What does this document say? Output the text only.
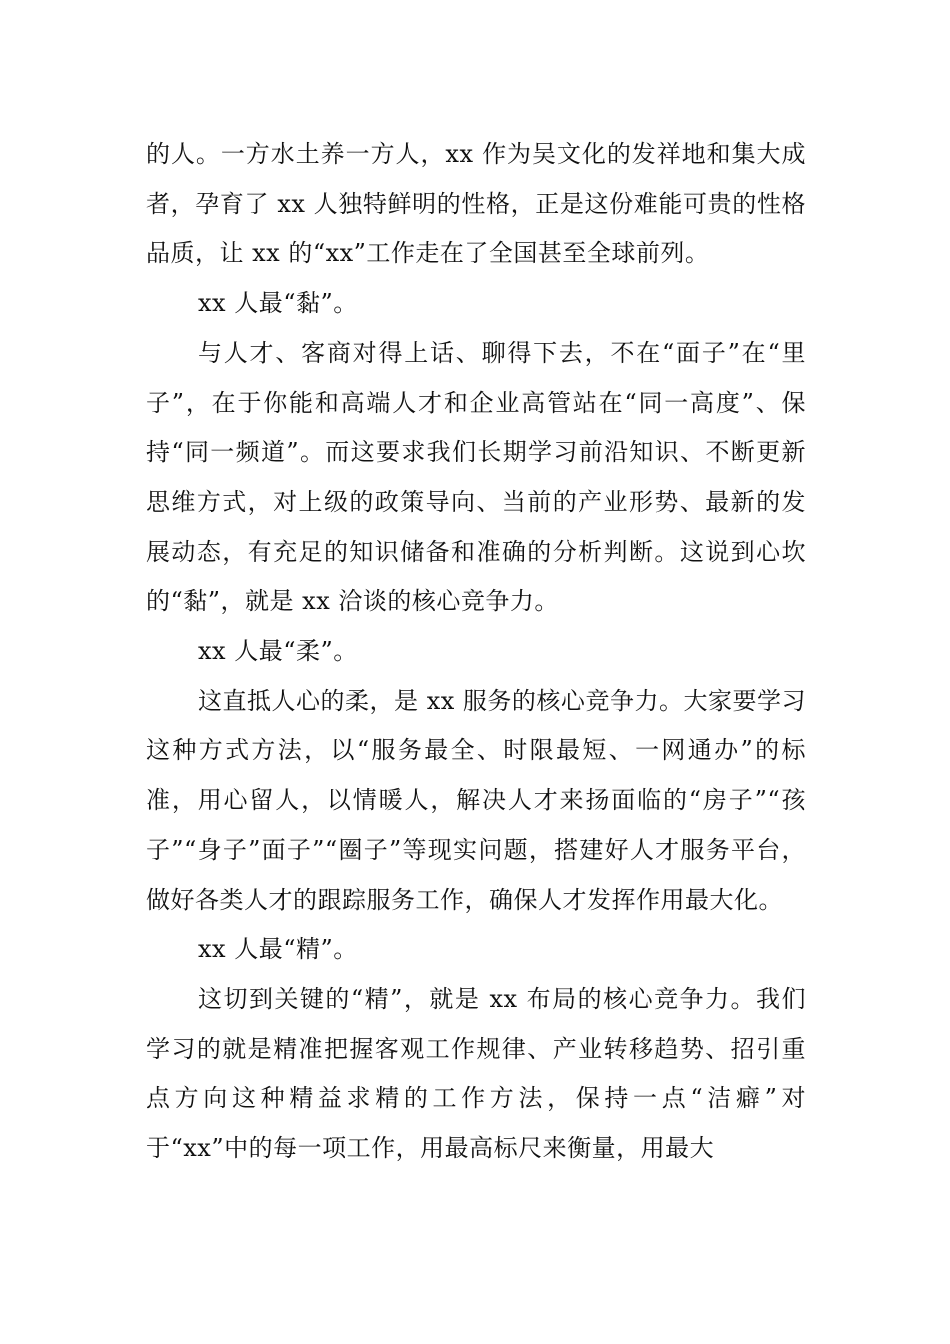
的人。一方水土养一方人，xx 作为吴文化的发祥地和集大成者，孕育了 xx 人独特鲜明的性格，正是这份难能可贵的性格品质，让 xx 的“xx”工作走在了全国甚至全球前列。

xx 人最“黏”。

与人才、客商对得上话、聊得下去，不在“面子”在“里子”，在于你能和高端人才和企业高管站在“同一高度”、保持“同一频道”。而这要求我们长期学习前沿知识、不断更新思维方式，对上级的政策导向、当前的产业形势、最新的发展动态，有充足的知识储备和准确的分析判断。这说到心坎的“黏”，就是 xx 洽谈的核心竞争力。

xx 人最“柔”。

这直抵人心的柔，是 xx 服务的核心竞争力。大家要学习这种方式方法，以“服务最全、时限最短、一网通办”的标准，用心留人，以情暖人，解决人才来扬面临的“房子”“孩子”“身子”面子”“圈子”等现实问题，搭建好人才服务平台，做好各类人才的跟踪服务工作，确保人才发挥作用最大化。

xx 人最“精”。

这切到关键的“精”，就是 xx 布局的核心竞争力。我们学习的就是精准把握客观工作规律、产业转移趋势、招引重点方向这种精益求精的工作方法，保持一点“洁癖”对于“xx”中的每一项工作，用最高标尺来衡量，用最大
